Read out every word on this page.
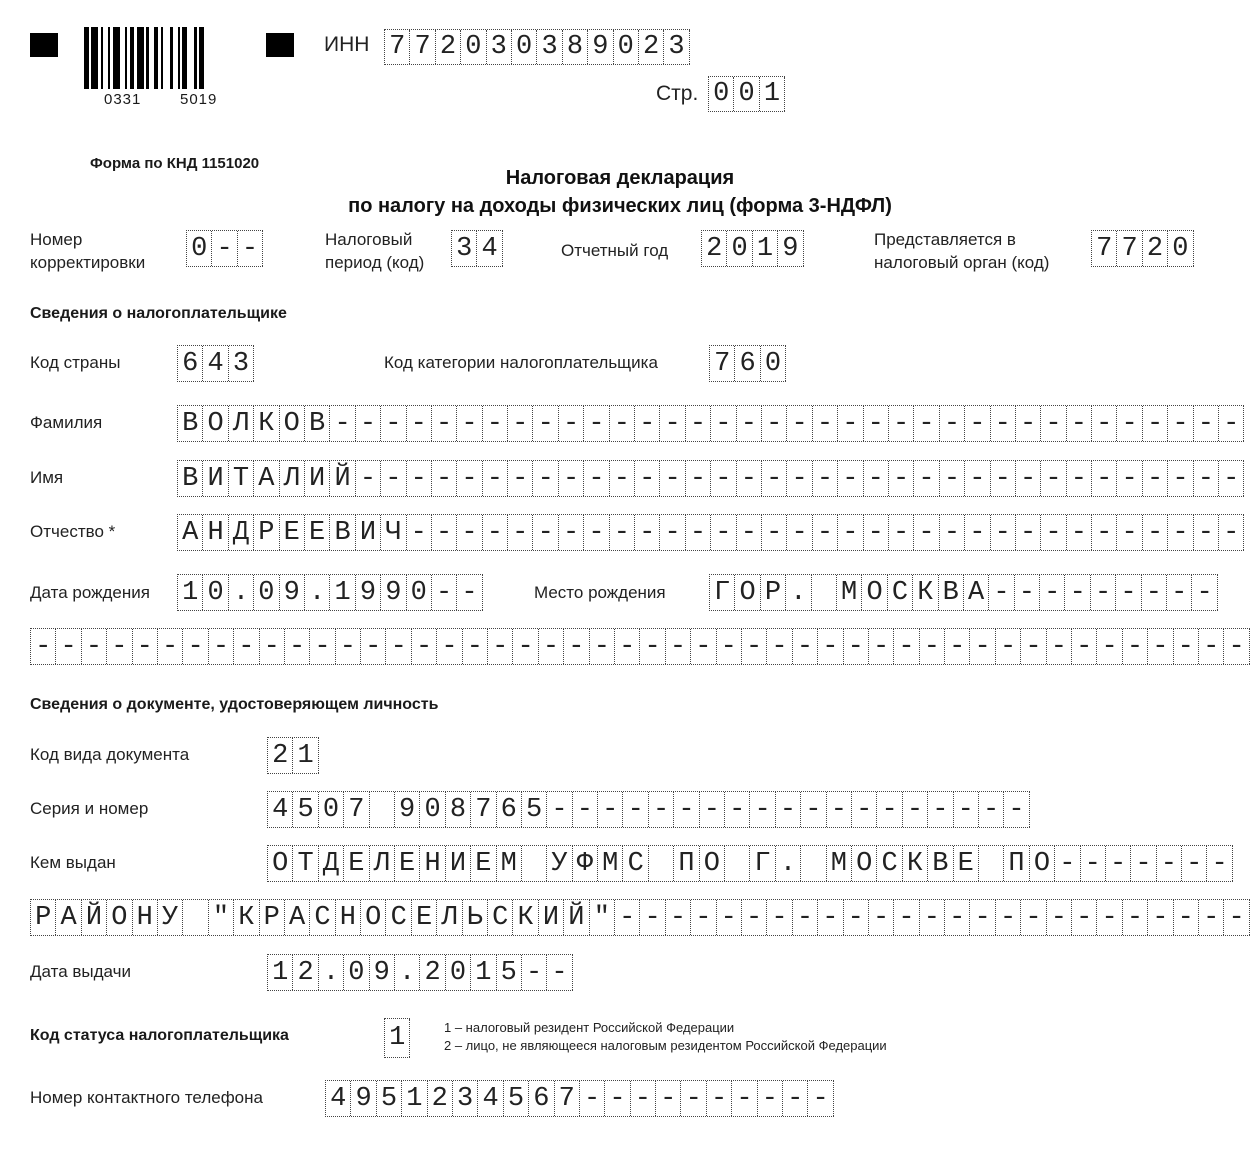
0331	5019
ИНН 7 7 2 0 3 0 3 8 9 0 2 3
Стр. 0 0 1
Форма по КНД 1151020
Налоговая декларация
по налогу на доходы физических лиц (форма 3-НДФЛ)
Номер
корректировки 0 - -	Налоговый
период (код) 3 4	Отчетный год 2 0 1 9	Представляется в
налоговый орган (код) 7 7 2 0
Сведения о налогоплательщике
Код страны 6 4 3	Код категории налогоплательщика 7 6 0
Фамилия	В О Л К О В - - - - - - - - - - - - - - - - - - - - - - - - - - - - - - - - - - - -
Имя	В И Т А Л И Й - - - - - - - - - - - - - - - - - - - - - - - - - - - - - - - - - - -
Отчество * А Н Д Р Е Е В И Ч - - - - - - - - - - - - - - - - - - - - - - - - - - - - - - - - -
Дата рождения 1 0 . 0 9 . 1 9 9 0 - -	Место рождения Г О Р . М О С К В А - - - - - - - - -
- - - - - - - - - - - - - - - - - - - - - - - - - - - - - - - - - - - - - - - - - - - - - - - -
Сведения о документе, удостоверяющем личность
Код вида документа	2 1
Серия и номер	4 5 0 7 9 0 8 7 6 5 - - - - - - - - - - - - - - - - - - -
Кем выдан	О Т Д Е Л Е Н И Е М У Ф М С П О Г . М О С К В Е П О - - - - - - -
Р А Й О Н У " К Р А С Н О С Е Л Ь С К И Й " - - - - - - - - - - - - - - - - - - - - - - - - -
Дата выдачи	1 2 . 0 9 . 2 0 1 5 - -
Код статуса налогоплательщика	1	1 – налоговый резидент Российской Федерации
2 – лицо, не являющееся налоговым резидентом Российской Федерации
Номер контактного телефона 4 9 5 1 2 3 4 5 6 7 - - - - - - - - - -
